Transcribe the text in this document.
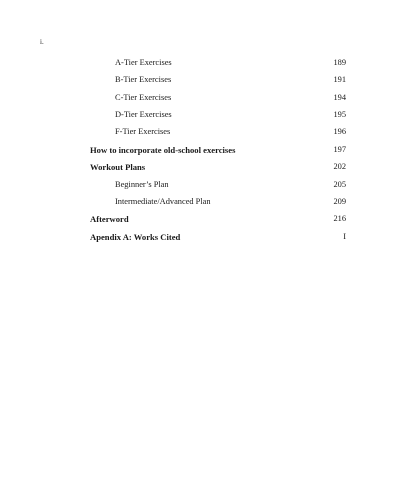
i.
A-Tier Exercises	189
B-Tier Exercises	191
C-Tier Exercises	194
D-Tier Exercises	195
F-Tier Exercises	196
How to incorporate old-school exercises	197
Workout Plans	202
Beginner’s Plan	205
Intermediate/Advanced Plan	209
Afterword	216
Apendix A: Works Cited	I
